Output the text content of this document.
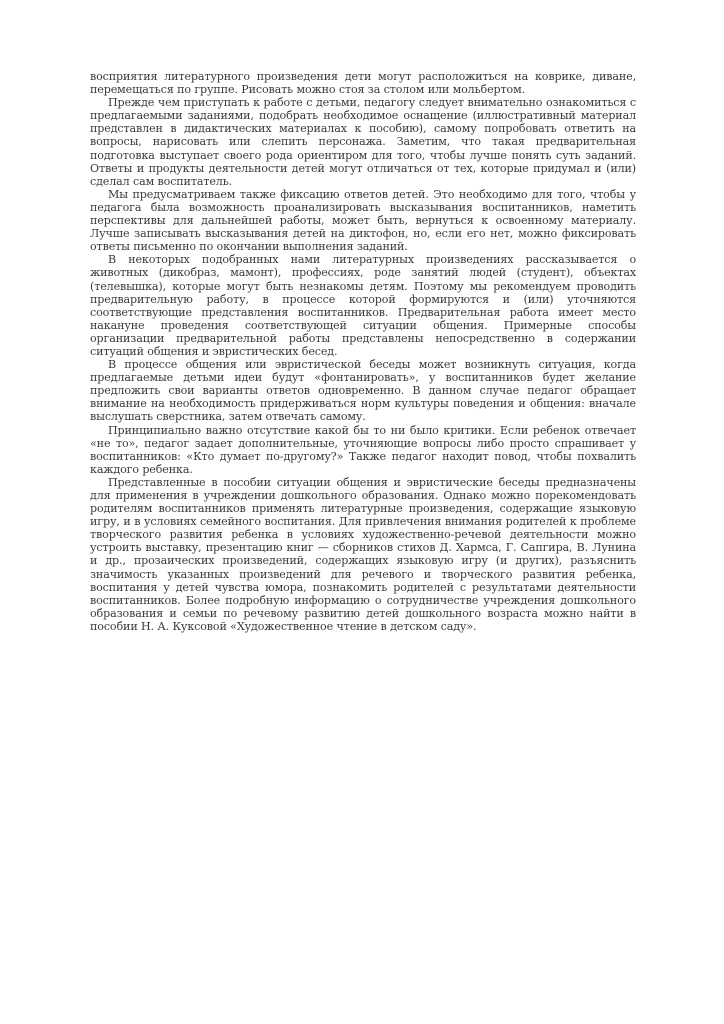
восприятия литературного произведения дети могут расположиться на коврике, диване, перемещаться по группе. Рисовать можно стоя за столом или мольбертом.

Прежде чем приступать к работе с детьми, педагогу следует внимательно ознакомиться с предлагаемыми заданиями, подобрать необходимое оснащение (иллюстративный материал представлен в дидактических материалах к пособию), самому попробовать ответить на вопросы, нарисовать или слепить персонажа. Заметим, что такая предварительная подготовка выступает своего рода ориентиром для того, чтобы лучше понять суть заданий. Ответы и продукты деятельности детей могут отличаться от тех, которые придумал и (или) сделал сам воспитатель.

Мы предусматриваем также фиксацию ответов детей. Это необходимо для того, чтобы у педагога была возможность проанализировать высказывания воспитанников, наметить перспективы для дальнейшей работы, может быть, вернуться к освоенному материалу. Лучше записывать высказывания детей на диктофон, но, если его нет, можно фиксировать ответы письменно по окончании выполнения заданий.

В некоторых подобранных нами литературных произведениях рассказывается о животных (дикобраз, мамонт), профессиях, роде занятий людей (студент), объектах (телевышка), которые могут быть незнакомы детям. Поэтому мы рекомендуем проводить предварительную работу, в процессе которой формируются и (или) уточняются соответствующие представления воспитанников. Предварительная работа имеет место накануне проведения соответствующей ситуации общения. Примерные способы организации предварительной работы представлены непосредственно в содержании ситуаций общения и эвристических бесед.

В процессе общения или эвристической беседы может возникнуть ситуация, когда предлагаемые детьми идеи будут «фонтанировать», у воспитанников будет желание предложить свои варианты ответов одновременно. В данном случае педагог обращает внимание на необходимость придерживаться норм культуры поведения и общения: вначале выслушать сверстника, затем отвечать самому.

Принципиально важно отсутствие какой бы то ни было критики. Если ребенок отвечает «не то», педагог задает дополнительные, уточняющие вопросы либо просто спрашивает у воспитанников: «Кто думает по-другому?» Также педагог находит повод, чтобы похвалить каждого ребенка.

Представленные в пособии ситуации общения и эвристические беседы предназначены для применения в учреждении дошкольного образования. Однако можно порекомендовать родителям воспитанников применять литературные произведения, содержащие языковую игру, и в условиях семейного воспитания. Для привлечения внимания родителей к проблеме творческого развития ребенка в условиях художественно-речевой деятельности можно устроить выставку, презентацию книг — сборников стихов Д. Хармса, Г. Сапгира, В. Лунина и др., прозаических произведений, содержащих языковую игру (и других), разъяснить значимость указанных произведений для речевого и творческого развития ребенка, воспитания у детей чувства юмора, познакомить родителей с результатами деятельности воспитанников. Более подробную информацию о сотрудничестве учреждения дошкольного образования и семьи по речевому развитию детей дошкольного возраста можно найти в пособии Н. А. Куксовой «Художественное чтение в детском саду».
